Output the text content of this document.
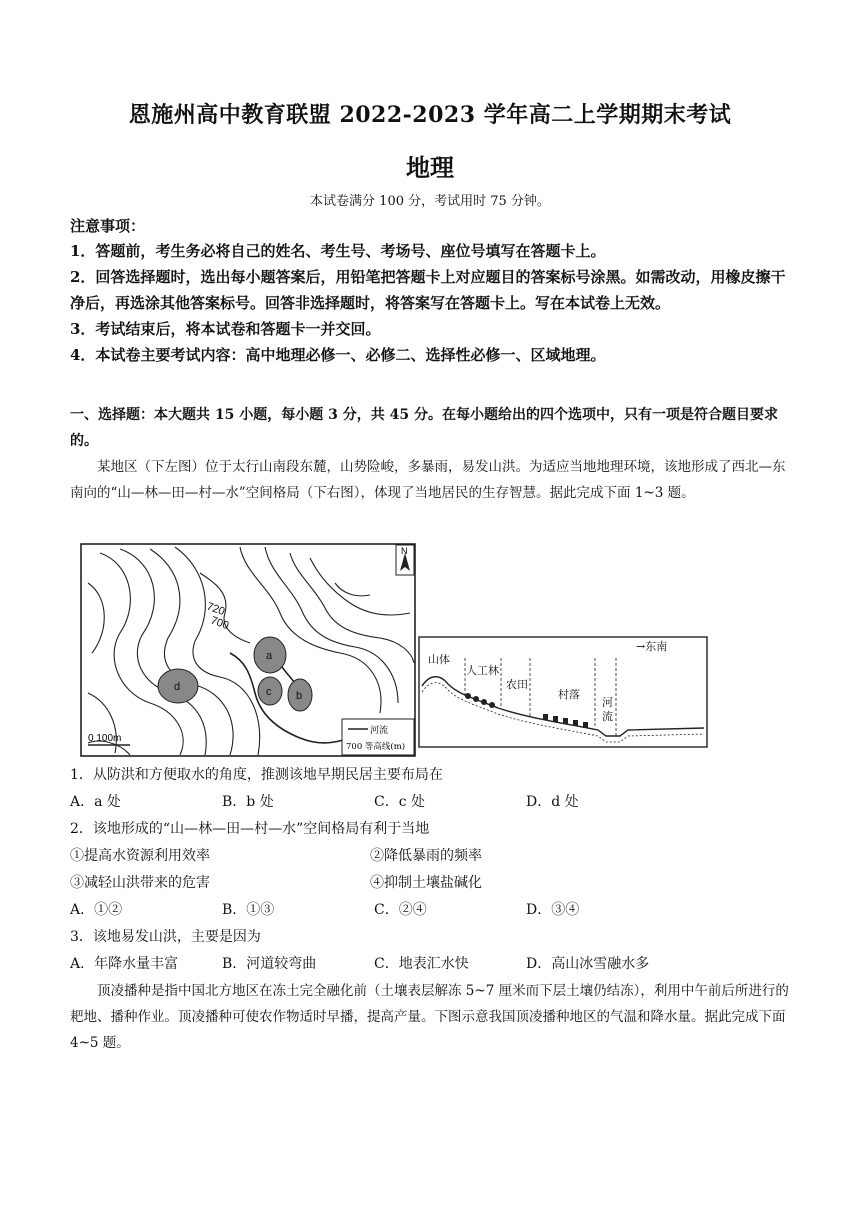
恩施州高中教育联盟 2022-2023 学年高二上学期期末考试
地理
本试卷满分 100 分，考试用时 75 分钟。
注意事项：

1．答题前，考生务必将自己的姓名、考生号、考场号、座位号填写在答题卡上。

2．回答选择题时，选出每小题答案后，用铅笔把答题卡上对应题目的答案标号涂黑。如需改动，用橡皮擦干净后，再选涂其他答案标号。回答非选择题时，将答案写在答题卡上。写在本试卷上无效。

3．考试结束后，将本试卷和答题卡一并交回。

4．本试卷主要考试内容：高中地理必修一、必修二、选择性必修一、区域地理。

一、选择题：本大题共 15 小题，每小题 3 分，共 45 分。在每小题给出的四个选项中，只有一项是符合题目要求的。

某地区（下左图）位于太行山南段东麓，山势险峻，多暴雨，易发山洪。为适应当地地理环境，该地形成了西北—东南向的“山—林—田—村—水”空间格局（下右图），体现了当地居民的生存智慧。据此完成下面 1~3 题。

a
d	c b
720
700
N
0 100m
河流
700 等高线(m)
→东南
山体
人工林
农田
村落
河
流

1．从防洪和方便取水的角度，推测该地早期民居主要布局在

A．a 处	B．b 处	C．c 处	D．d 处

2．该地形成的“山—林—田—村—水”空间格局有利于当地

①提高水资源利用效率	②降低暴雨的频率
③减轻山洪带来的危害	④抑制土壤盐碱化
A．①②	B．①③	C．②④	D．③④

3．该地易发山洪，主要是因为

A．年降水量丰富	B．河道较弯曲	C．地表汇水快	D．高山冰雪融水多

顶凌播种是指中国北方地区在冻土完全融化前（土壤表层解冻 5~7 厘米而下层土壤仍结冻），利用中午前后所进行的耙地、播种作业。顶凌播种可使农作物适时早播，提高产量。下图示意我国顶凌播种地区的气温和降水量。据此完成下面 4~5 题。
